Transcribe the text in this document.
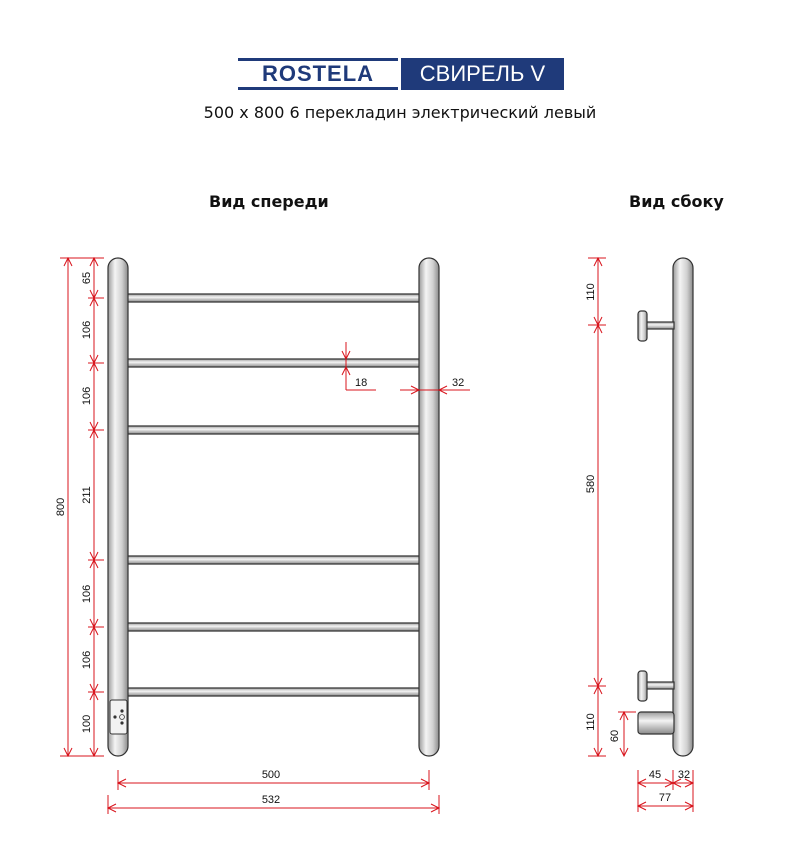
ROSTELA	СВИРЕЛЬ V
500 x 800 6 перекладин электрический левый
Вид спереди	Вид сбоку
800
65
106
106
211
106
106
100
18	32
500
532
110
580
110
60
45 32
77
